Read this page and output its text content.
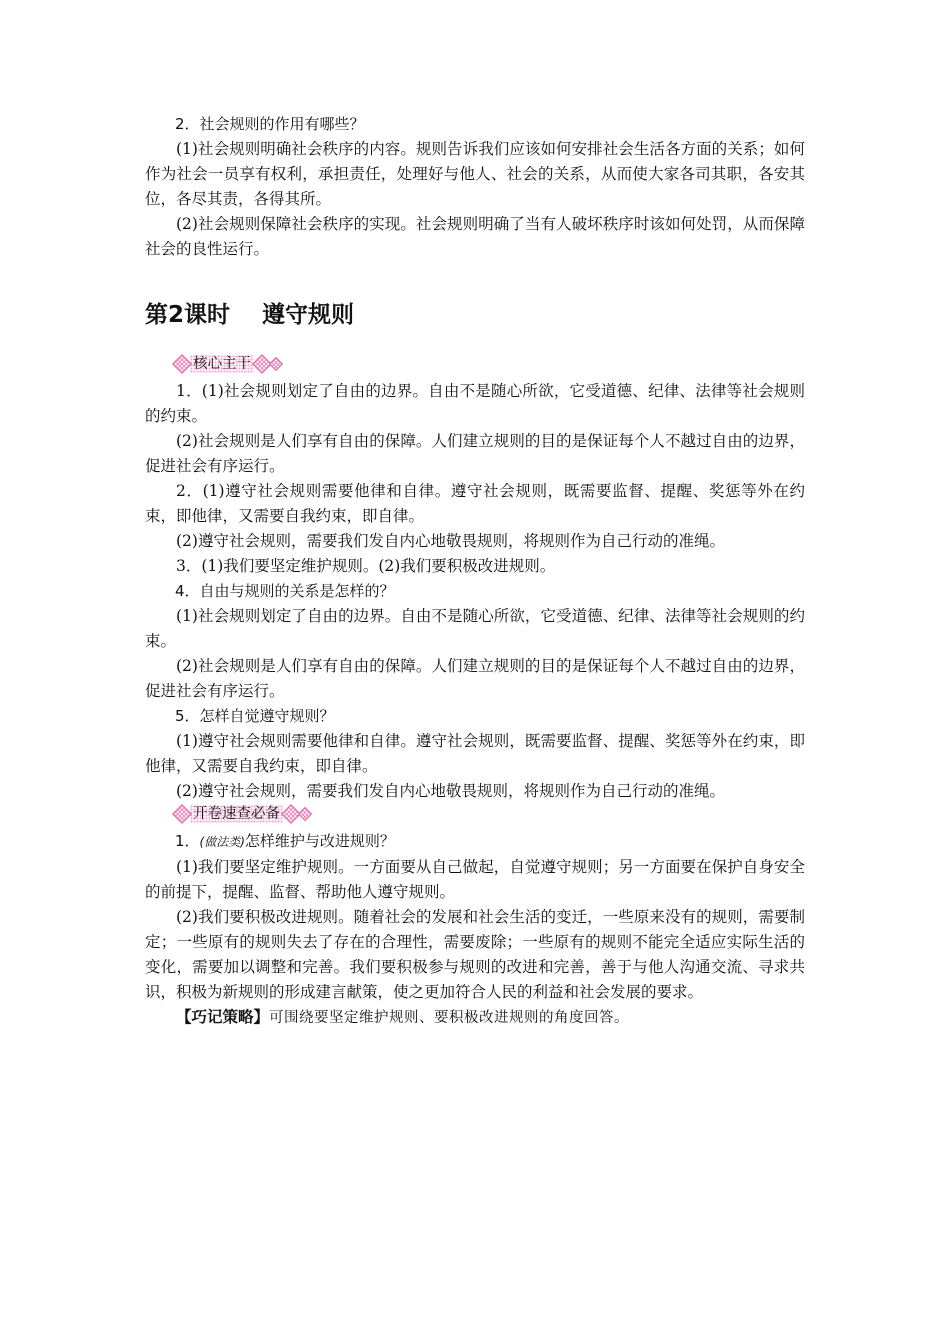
2．社会规则的作用有哪些？

(1)社会规则明确社会秩序的内容。规则告诉我们应该如何安排社会生活各方面的关系；如何作为社会一员享有权利，承担责任，处理好与他人、社会的关系，从而使大家各司其职，各安其位，各尽其责，各得其所。

(2)社会规则保障社会秩序的实现。社会规则明确了当有人破坏秩序时该如何处罚，从而保障社会的良性运行。

第2课时    遵守规则

核心主干

1．(1)社会规则划定了自由的边界。自由不是随心所欲，它受道德、纪律、法律等社会规则的约束。

(2)社会规则是人们享有自由的保障。人们建立规则的目的是保证每个人不越过自由的边界，促进社会有序运行。

2．(1)遵守社会规则需要他律和自律。遵守社会规则，既需要监督、提醒、奖惩等外在约束，即他律，又需要自我约束，即自律。

(2)遵守社会规则，需要我们发自内心地敬畏规则，将规则作为自己行动的准绳。

3．(1)我们要坚定维护规则。(2)我们要积极改进规则。

4．自由与规则的关系是怎样的？

(1)社会规则划定了自由的边界。自由不是随心所欲，它受道德、纪律、法律等社会规则的约束。

(2)社会规则是人们享有自由的保障。人们建立规则的目的是保证每个人不越过自由的边界，促进社会有序运行。

5．怎样自觉遵守规则？

(1)遵守社会规则需要他律和自律。遵守社会规则，既需要监督、提醒、奖惩等外在约束，即他律，又需要自我约束，即自律。

(2)遵守社会规则，需要我们发自内心地敬畏规则，将规则作为自己行动的准绳。

开卷速查必备

1．(做法类)怎样维护与改进规则？

(1)我们要坚定维护规则。一方面要从自己做起，自觉遵守规则；另一方面要在保护自身安全的前提下，提醒、监督、帮助他人遵守规则。

(2)我们要积极改进规则。随着社会的发展和社会生活的变迁，一些原来没有的规则，需要制定；一些原有的规则失去了存在的合理性，需要废除；一些原有的规则不能完全适应实际生活的变化，需要加以调整和完善。我们要积极参与规则的改进和完善，善于与他人沟通交流、寻求共识，积极为新规则的形成建言献策，使之更加符合人民的利益和社会发展的要求。

【巧记策略】可围绕要坚定维护规则、要积极改进规则的角度回答。
